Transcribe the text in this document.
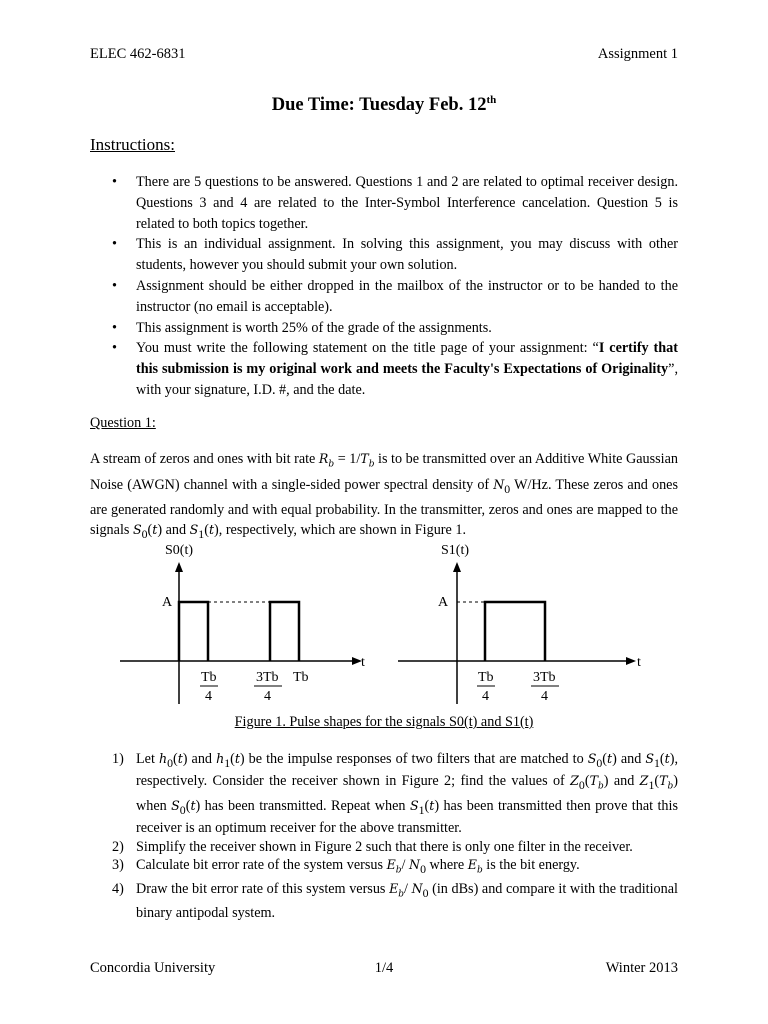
ELEC 462-6831	Assignment 1
Due Time: Tuesday Feb. 12th
Instructions:
• There are 5 questions to be answered. Questions 1 and 2 are related to optimal receiver design. Questions 3 and 4 are related to the Inter-Symbol Interference cancelation. Question 5 is related to both topics together.
• This is an individual assignment. In solving this assignment, you may discuss with other students, however you should submit your own solution.
• Assignment should be either dropped in the mailbox of the instructor or to be handed to the instructor (no email is acceptable).
• This assignment is worth 25% of the grade of the assignments.
• You must write the following statement on the title page of your assignment: “I certify that this submission is my original work and meets the Faculty's Expectations of Originality”, with your signature, I.D. #, and the date.
Question 1:
A stream of zeros and ones with bit rate $R_b = 1/T_b$ is to be transmitted over an Additive White Gaussian Noise (AWGN) channel with a single-sided power spectral density of $N_0$ W/Hz. These zeros and ones are generated randomly and with equal probability. In the transmitter, zeros and ones are mapped to the signals $S_0(t)$ and $S_1(t)$, respectively, which are shown in Figure 1.
S0(t)	S1(t)
A	A
t	t
Tb
4
3Tb
4
Tb	Tb
4
3Tb
4
Figure 1. Pulse shapes for the signals S0(t) and S1(t)
1) Let $h_0(t)$ and $h_1(t)$ be the impulse responses of two filters that are matched to $S_0(t)$ and $S_1(t)$, respectively. Consider the receiver shown in Figure 2; find the values of $Z_0(T_b)$ and $Z_1(T_b)$ when $S_0(t)$ has been transmitted. Repeat when $S_1(t)$ has been transmitted then prove that this receiver is an optimum receiver for the above transmitter.
2) Simplify the receiver shown in Figure 2 such that there is only one filter in the receiver.
3) Calculate bit error rate of the system versus $E_b/$ $N_0$ where $E_b$ is the bit energy.
4) Draw the bit error rate of this system versus $E_b/$ $N_0$ (in dBs) and compare it with the traditional binary antipodal system.
Concordia University	1/4	Winter 2013
